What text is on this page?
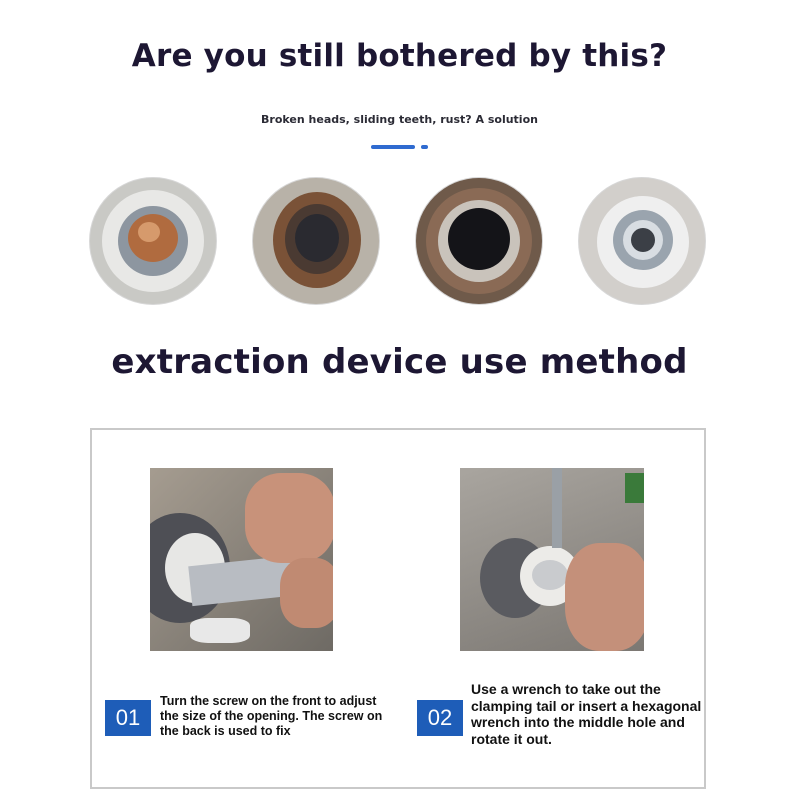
Are you still bothered by this?
Broken heads, sliding teeth, rust? A solution
extraction device use method
01
Turn the screw on the front to adjust the size of the opening. The screw on the back is used to fix
02
Use a wrench to take out the clamping tail or insert a hexagonal wrench into the middle hole and rotate it out.
